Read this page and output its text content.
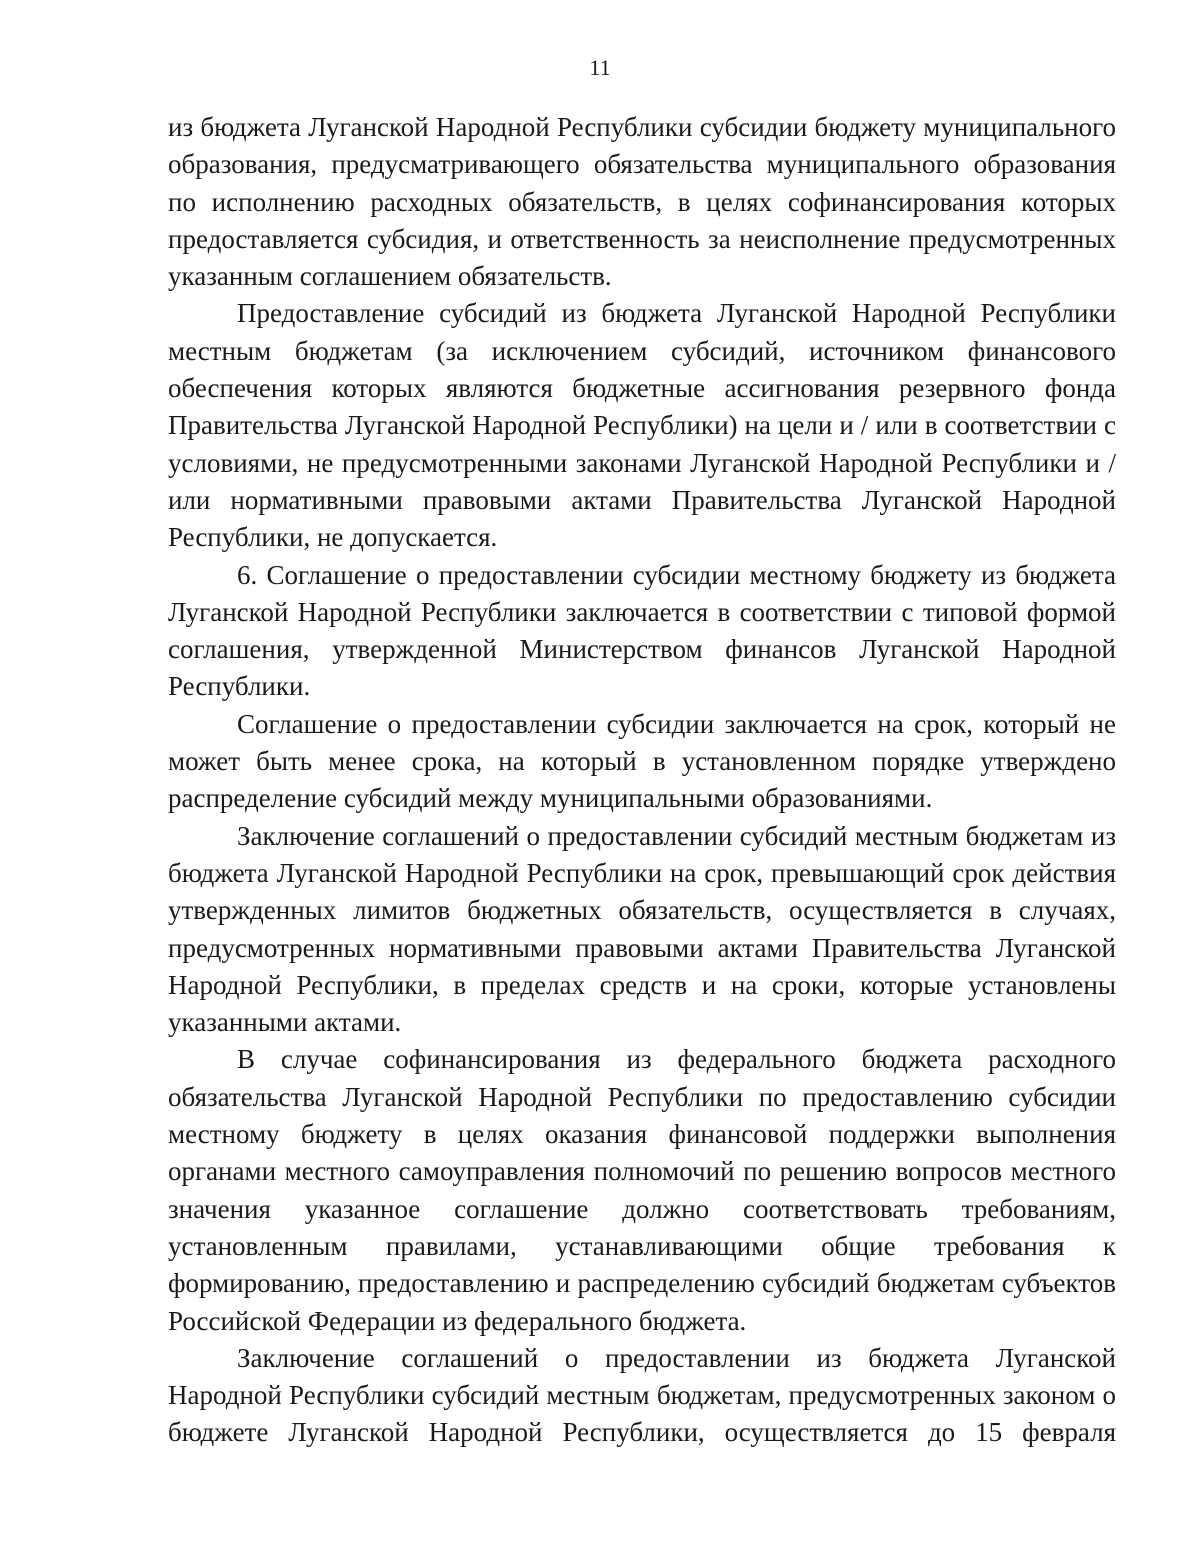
11

из бюджета Луганской Народной Республики субсидии бюджету муниципального образования, предусматривающего обязательства муниципального образования по исполнению расходных обязательств, в целях софинансирования которых предоставляется субсидия, и ответственность за неисполнение предусмотренных указанным соглашением обязательств.

Предоставление субсидий из бюджета Луганской Народной Республики местным бюджетам (за исключением субсидий, источником финансового обеспечения которых являются бюджетные ассигнования резервного фонда Правительства Луганской Народной Республики) на цели и / или в соответствии с условиями, не предусмотренными законами Луганской Народной Республики и / или нормативными правовыми актами Правительства Луганской Народной Республики, не допускается.

6. Соглашение о предоставлении субсидии местному бюджету из бюджета Луганской Народной Республики заключается в соответствии с типовой формой соглашения, утвержденной Министерством финансов Луганской Народной Республики.

Соглашение о предоставлении субсидии заключается на срок, который не может быть менее срока, на который в установленном порядке утверждено распределение субсидий между муниципальными образованиями.

Заключение соглашений о предоставлении субсидий местным бюджетам из бюджета Луганской Народной Республики на срок, превышающий срок действия утвержденных лимитов бюджетных обязательств, осуществляется в случаях, предусмотренных нормативными правовыми актами Правительства Луганской Народной Республики, в пределах средств и на сроки, которые установлены указанными актами.

В случае софинансирования из федерального бюджета расходного обязательства Луганской Народной Республики по предоставлению субсидии местному бюджету в целях оказания финансовой поддержки выполнения органами местного самоуправления полномочий по решению вопросов местного значения указанное соглашение должно соответствовать требованиям, установленным правилами, устанавливающими общие требования к формированию, предоставлению и распределению субсидий бюджетам субъектов Российской Федерации из федерального бюджета.

Заключение соглашений о предоставлении из бюджета Луганской Народной Республики субсидий местным бюджетам, предусмотренных законом о бюджете Луганской Народной Республики, осуществляется до 15 февраля
